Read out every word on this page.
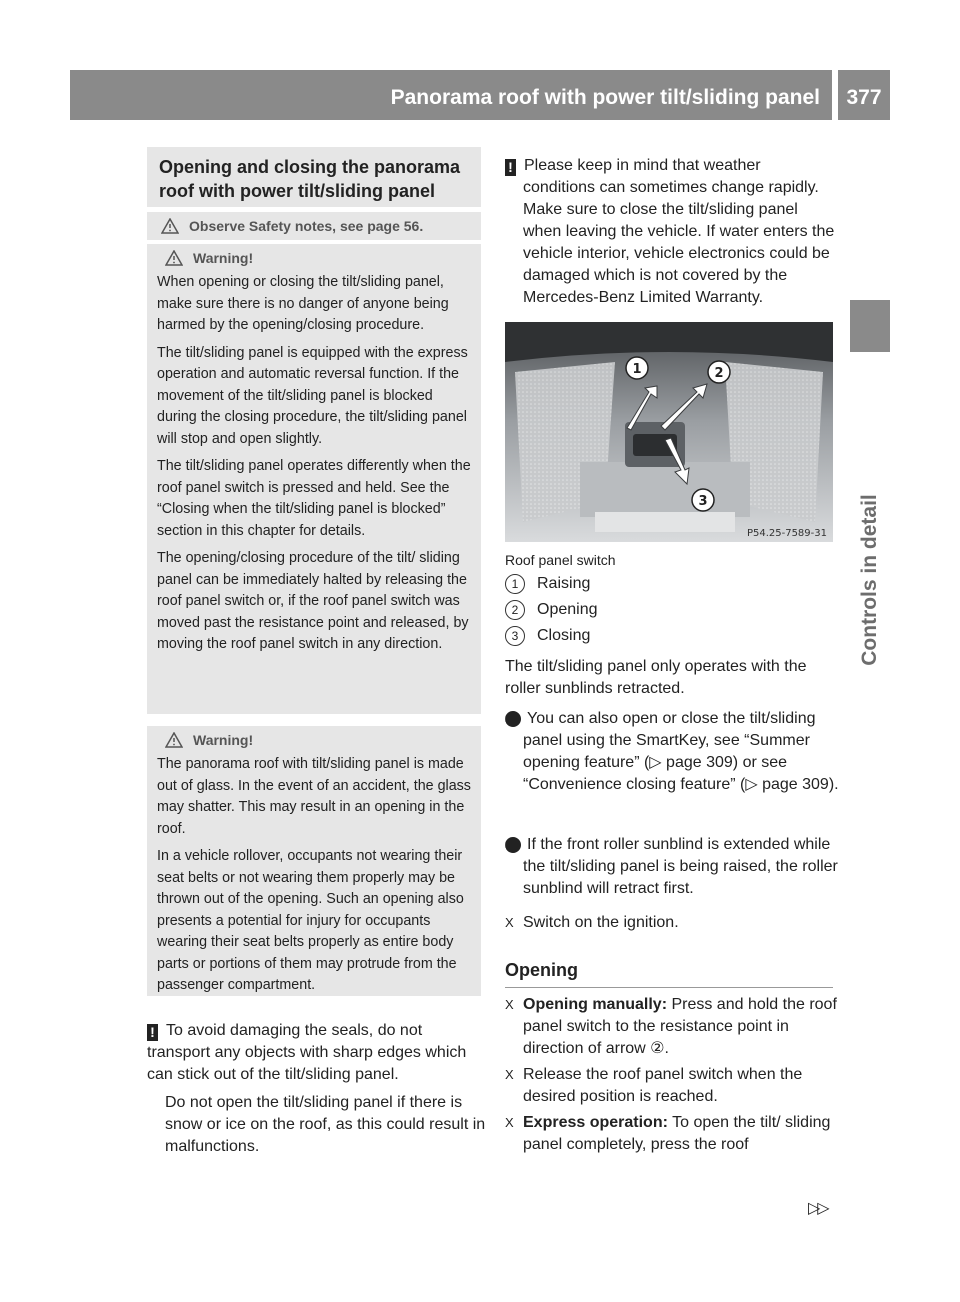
Panorama roof with power tilt/sliding panel	377
Controls in detail
Opening and closing the panorama roof with power tilt/sliding panel
Observe Safety notes, see page 56.
Warning!

When opening or closing the tilt/sliding panel, make sure there is no danger of anyone being harmed by the opening/closing procedure.

The tilt/sliding panel is equipped with the express operation and automatic reversal function. If the movement of the tilt/sliding panel is blocked during the closing procedure, the tilt/sliding panel will stop and open slightly.

The tilt/sliding panel operates differently when the roof panel switch is pressed and held. See the “Closing when the tilt/sliding panel is blocked” section in this chapter for details.

The opening/closing procedure of the tilt/ sliding panel can be immediately halted by releasing the roof panel switch or, if the roof panel switch was moved past the resistance point and released, by moving the roof panel switch in any direction.

Warning!

The panorama roof with tilt/sliding panel is made out of glass. In the event of an accident, the glass may shatter. This may result in an opening in the roof.

In a vehicle rollover, occupants not wearing their seat belts or not wearing them properly may be thrown out of the opening. Such an opening also presents a potential for injury for occupants wearing their seat belts properly as entire body parts or portions of them may protrude from the passenger compartment.

! To avoid damaging the seals, do not transport any objects with sharp edges which can stick out of the tilt/sliding panel.

Do not open the tilt/sliding panel if there is snow or ice on the roof, as this could result in malfunctions.

! Please keep in mind that weather conditions can sometimes change rapidly. Make sure to close the tilt/sliding panel when leaving the vehicle. If water enters the vehicle interior, vehicle electronics could be damaged which is not covered by the Mercedes-Benz Limited Warranty.

1	2
3
P54.25-7589-31
Roof panel switch
1 Raising
2 Opening
3 Closing
The tilt/sliding panel only operates with the roller sunblinds retracted.
i You can also open or close the tilt/sliding panel using the SmartKey, see “Summer opening feature” (▷ page 309) or see “Convenience closing feature” (▷ page 309).
i If the front roller sunblind is extended while the tilt/sliding panel is being raised, the roller sunblind will retract first.

X Switch on the ignition.

Opening

X Opening manually: Press and hold the roof panel switch to the resistance point in direction of arrow ②.

X Release the roof panel switch when the desired position is reached.

X Express operation: To open the tilt/ sliding panel completely, press the roof

▷▷
